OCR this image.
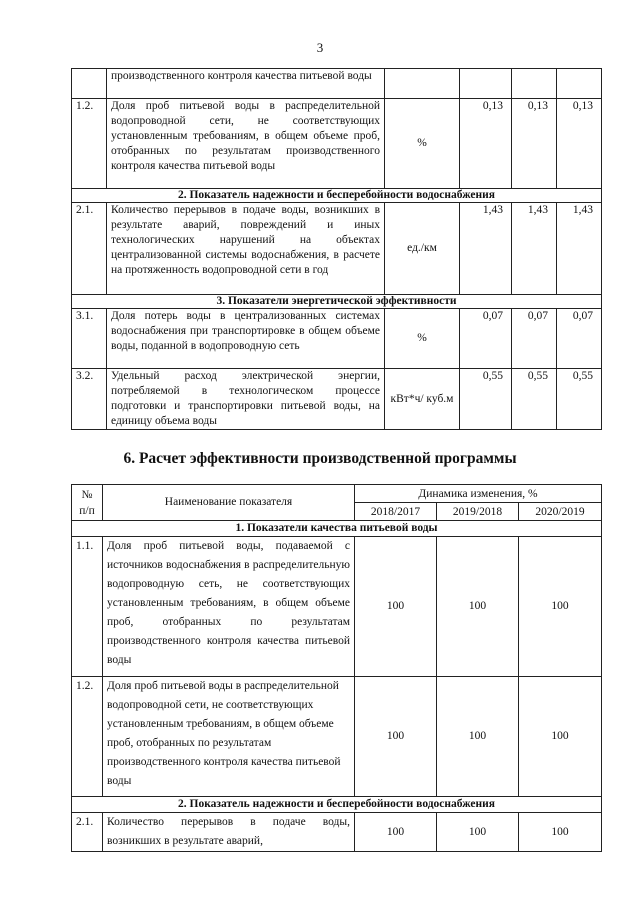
3
	производственного контроля качества питьевой воды				
1.2.	Доля проб питьевой воды в распределительной водопроводной сети, не соответствующих установленным требованиям, в общем объеме проб, отобранных по результатам производственного контроля качества питьевой воды	%	0,13	0,13	0,13
2. Показатель надежности и бесперебойности водоснабжения					
2.1.	Количество перерывов в подаче воды, возникших в результате аварий, повреждений и иных технологических нарушений на объектах централизованной системы водоснабжения, в расчете на протяженность водопроводной сети в год	ед./км	1,43	1,43	1,43
3. Показатели энергетической эффективности					
3.1.	Доля потерь воды в централизованных системах водоснабжения при транспортировке в общем объеме воды, поданной в водопроводную сеть	%	0,07	0,07	0,07
3.2.	Удельный расход электрической энергии, потребляемой в технологическом процессе подготовки и транспортировки питьевой воды, на единицу объема воды	кВт*ч/ куб.м	0,55	0,55	0,55
6. Расчет эффективности производственной программы
№ п/п	Наименование показателя	Динамика изменения, %		
		2018/2017	2019/2018	2020/2019
1. Показатели качества питьевой воды				
1.1.	Доля проб питьевой воды, подаваемой с источников водоснабжения в распределительную водопроводную сеть, не соответствующих установленным требованиям, в общем объеме проб, отобранных по результатам производственного контроля качества питьевой воды	100	100	100
1.2.	Доля проб питьевой воды в распределительной водопроводной сети, не соответствующих установленным требованиям, в общем объеме проб, отобранных по результатам производственного контроля качества питьевой воды	100	100	100
2. Показатель надежности и бесперебойности водоснабжения				
2.1.	Количество перерывов в подаче воды, возникших в результате аварий,	100	100	100
